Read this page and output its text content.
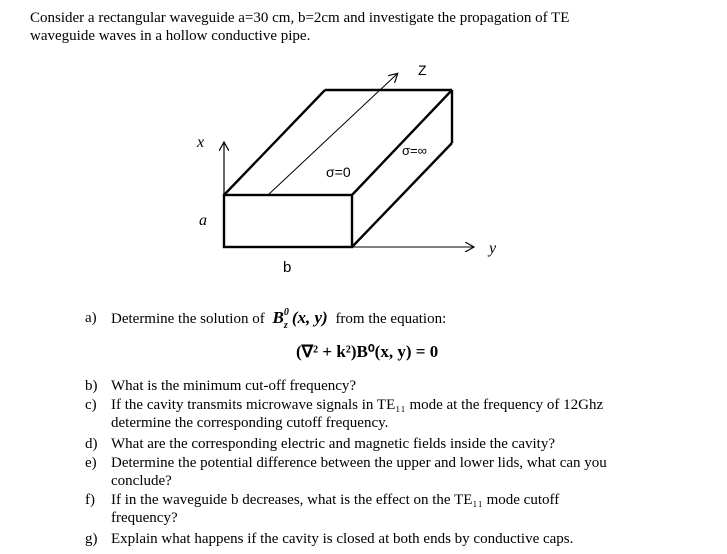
Consider a rectangular waveguide a=30 cm, b=2cm and investigate the propagation of TE
waveguide waves in a hollow conductive pipe.
Z
x
y
a
b
σ=0
σ=∞
a) Determine the solution of B 0
z (x, y) from the equation:
(∇² + k²)B⁰(x, y) = 0
b) What is the minimum cut-off frequency?
c) If the cavity transmits microwave signals in TE₁₁ mode at the frequency of 12Ghz
determine the corresponding cutoff frequency.
d) What are the corresponding electric and magnetic fields inside the cavity?
e) Determine the potential difference between the upper and lower lids, what can you
conclude?
f)	If in the waveguide b decreases, what is the effect on the TE₁₁ mode cutoff
frequency?
g) Explain what happens if the cavity is closed at both ends by conductive caps.
